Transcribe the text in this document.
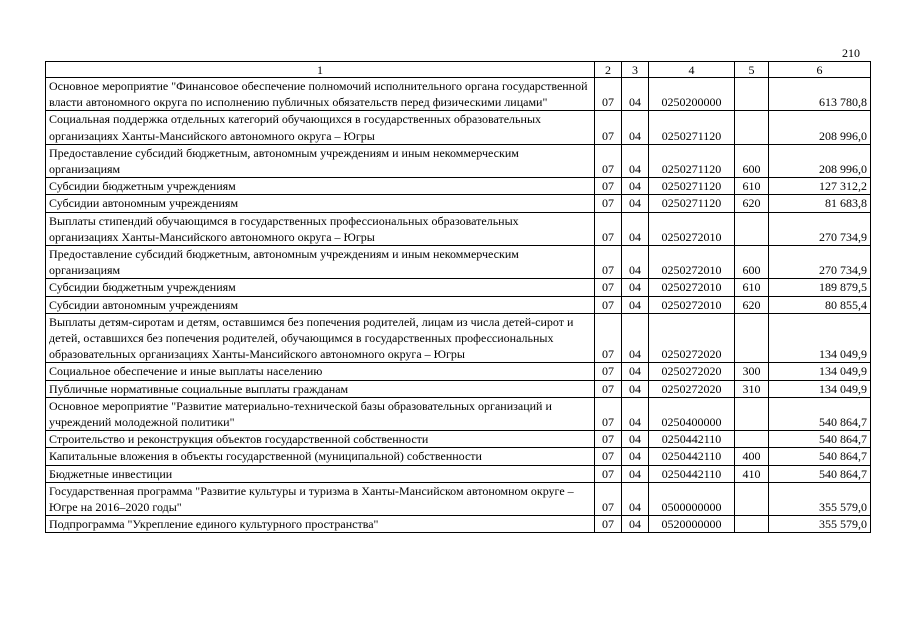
210
1	2	3	4	5	6
Основное мероприятие "Финансовое обеспечение полномочий исполнительного органа государственной власти автономного округа по исполнению публичных обязательств перед физическими лицами"	07	04	0250200000		613 780,8
Социальная поддержка отдельных категорий обучающихся в государственных образовательных организациях Ханты-Мансийского автономного округа – Югры	07	04	0250271120		208 996,0
Предоставление субсидий бюджетным, автономным учреждениям и иным некоммерческим организациям	07	04	0250271120	600	208 996,0
Субсидии бюджетным учреждениям	07	04	0250271120	610	127 312,2
Субсидии автономным учреждениям	07	04	0250271120	620	81 683,8
Выплаты стипендий обучающимся в государственных профессиональных образовательных организациях Ханты-Мансийского автономного округа – Югры	07	04	0250272010		270 734,9
Предоставление субсидий бюджетным, автономным учреждениям и иным некоммерческим организациям	07	04	0250272010	600	270 734,9
Субсидии бюджетным учреждениям	07	04	0250272010	610	189 879,5
Субсидии автономным учреждениям	07	04	0250272010	620	80 855,4
Выплаты детям-сиротам и детям, оставшимся без попечения родителей, лицам из числа детей-сирот и детей, оставшихся без попечения родителей, обучающимся в государственных профессиональных образовательных организациях Ханты-Мансийского автономного округа – Югры	07	04	0250272020		134 049,9
Социальное обеспечение и иные выплаты населению	07	04	0250272020	300	134 049,9
Публичные нормативные социальные выплаты гражданам	07	04	0250272020	310	134 049,9
Основное мероприятие "Развитие материально-технической базы образовательных организаций и учреждений молодежной политики"	07	04	0250400000		540 864,7
Строительство и реконструкция объектов государственной собственности	07	04	0250442110		540 864,7
Капитальные вложения в объекты государственной (муниципальной) собственности	07	04	0250442110	400	540 864,7
Бюджетные инвестиции	07	04	0250442110	410	540 864,7
Государственная программа "Развитие культуры и туризма в Ханты-Мансийском автономном округе – Югре на 2016–2020 годы"	07	04	0500000000		355 579,0
Подпрограмма "Укрепление единого культурного пространства"	07	04	0520000000		355 579,0
